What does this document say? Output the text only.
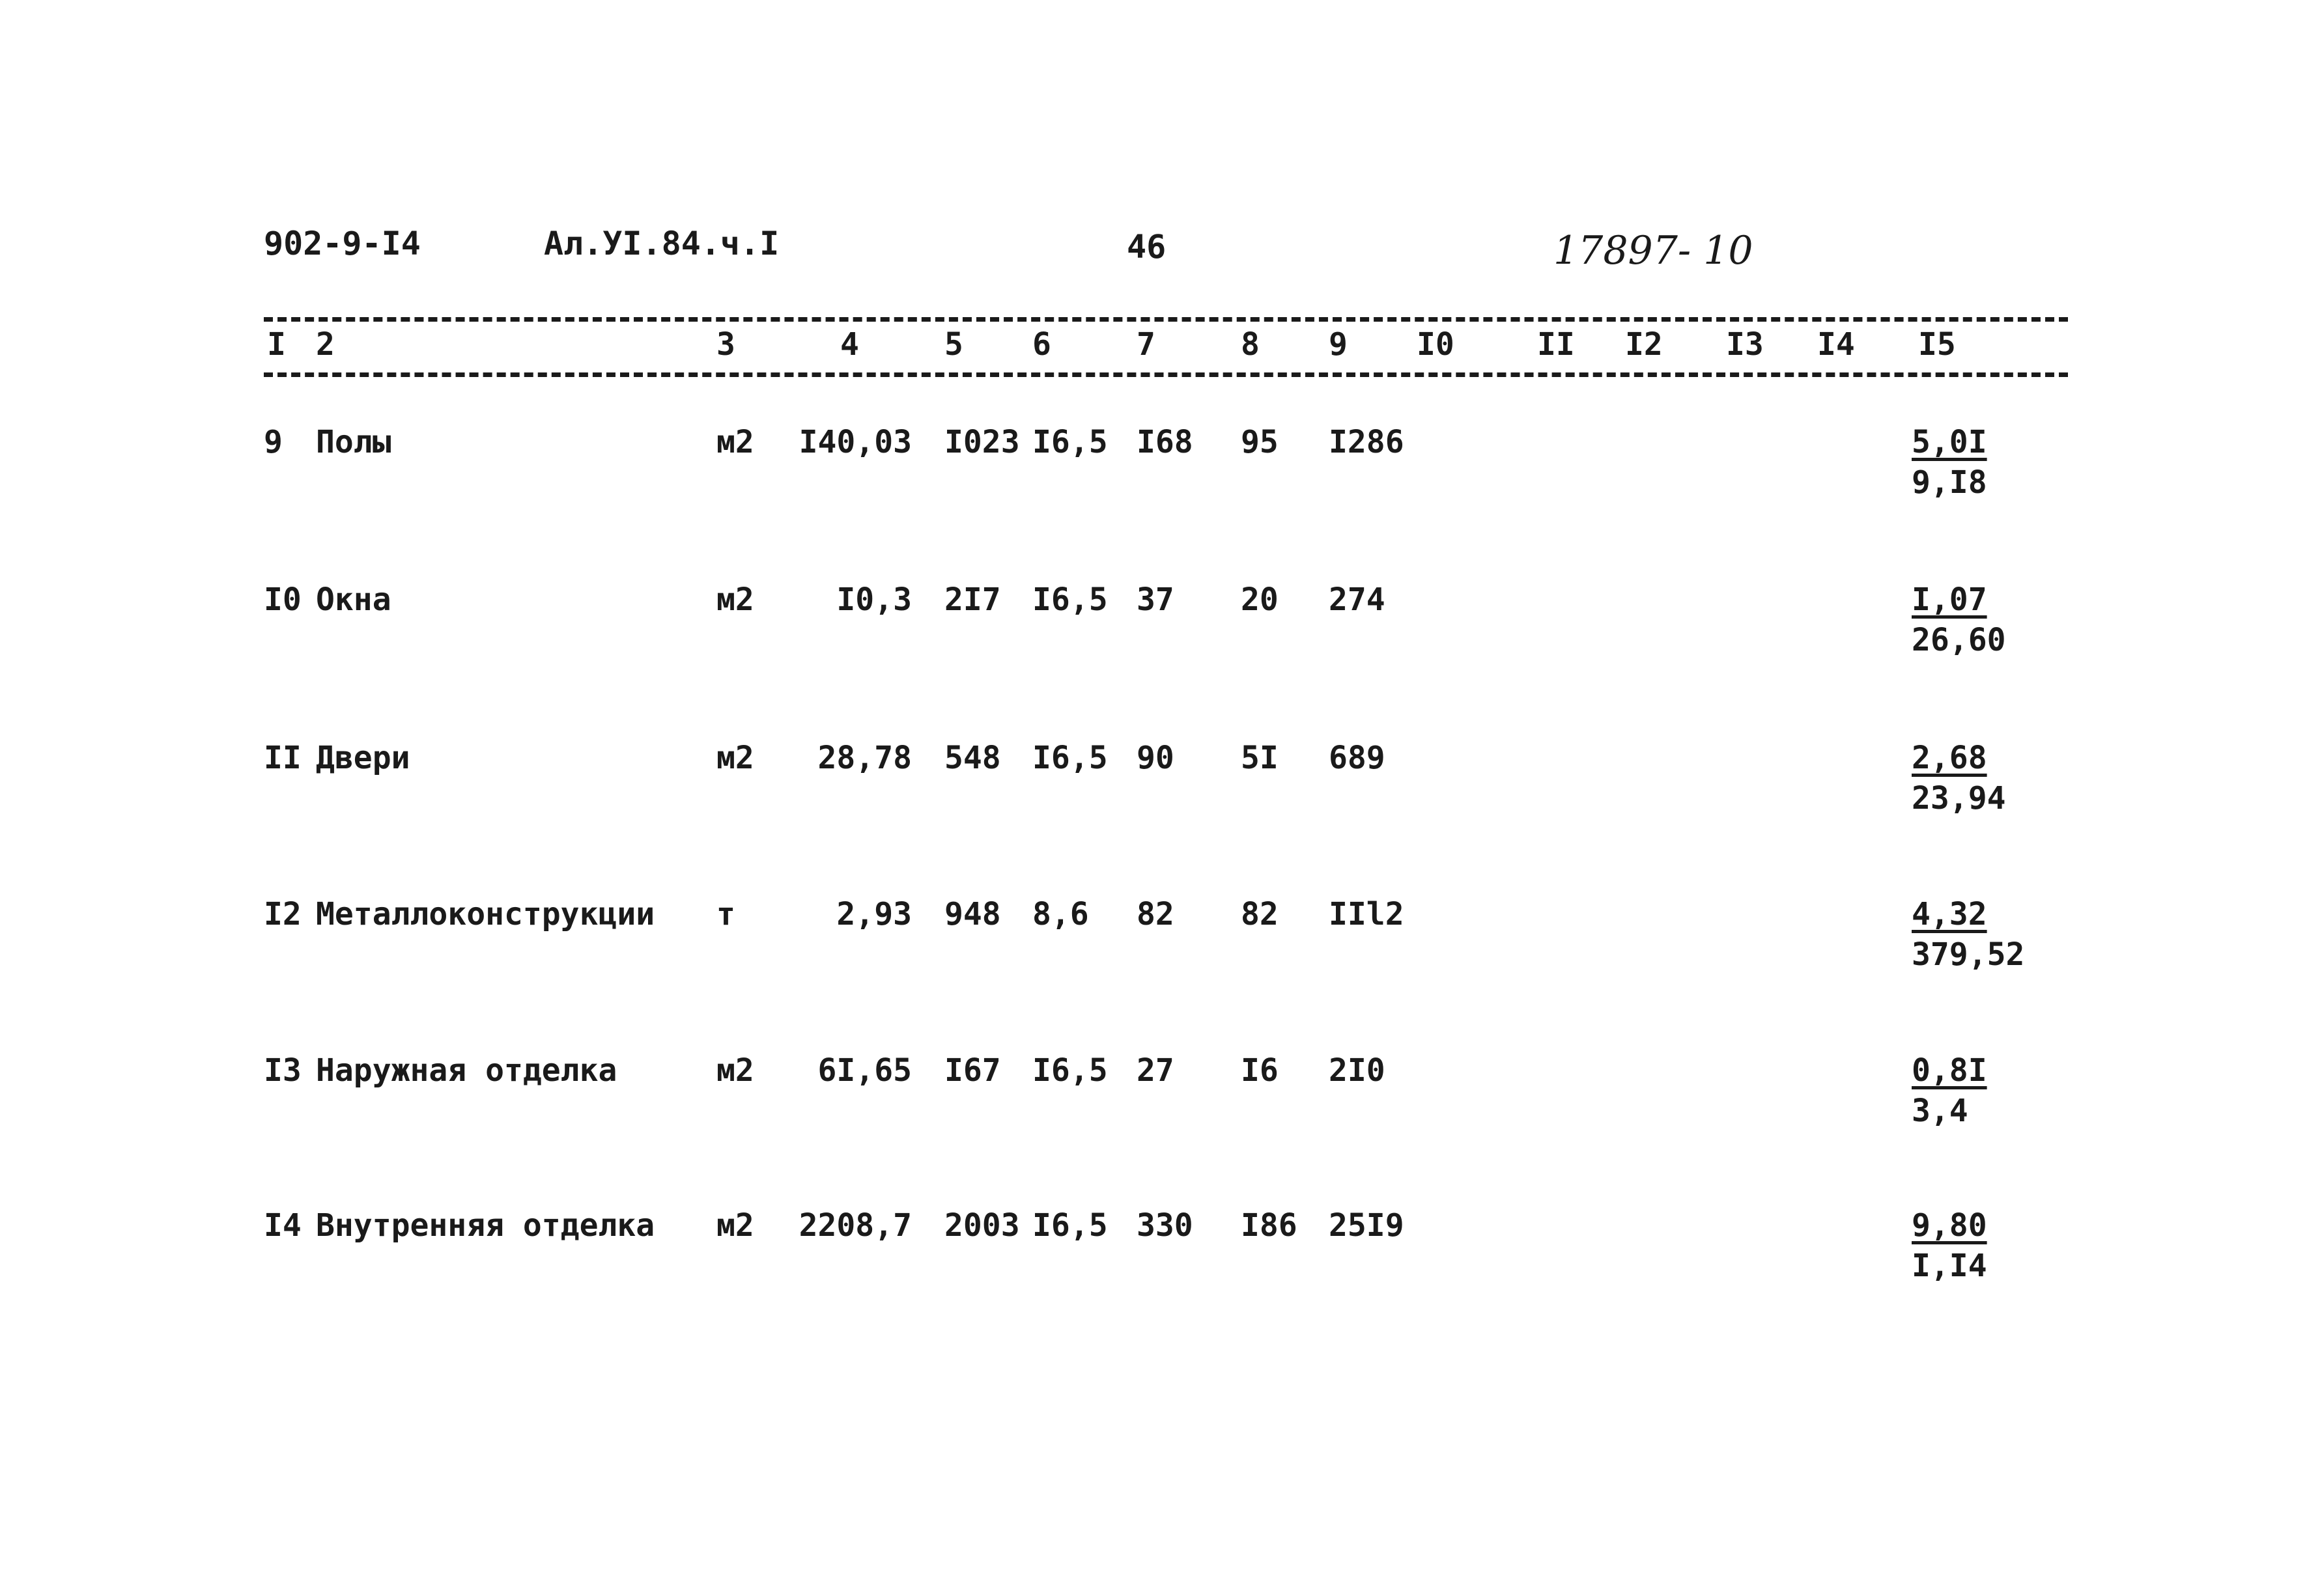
902-9-I4	Ал.УI.84.ч.I	46	17897- 10
I 2	3	4	5 6	7	8 9 I0	II I2 I3 I4 I5
9 Полы	м2	I40,03 I023 I6,5 I68 95 I286	$\frac{5,0I}{9,I8}$
I0 Окна	м2	I0,3 2I7 I6,5 37 20 274	$\frac{I,07}{26,60}$
II Двери	м2	28,78 548 I6,5 90 5I 689	$\frac{2,68}{23,94}$
I2 Металлоконструкции т	2,93 948 8,6 82 82 IIl2	$\frac{4,32}{379,52}$
I3 Наружная отделка	м2	6I,65 I67 I6,5 27 I6 2I0	$\frac{0,8I}{3,4}$
I4 Внутренняя отделка м2	2208,7 2003 I6,5 330 I86 25I9	$\frac{9,80}{I,I4}$
